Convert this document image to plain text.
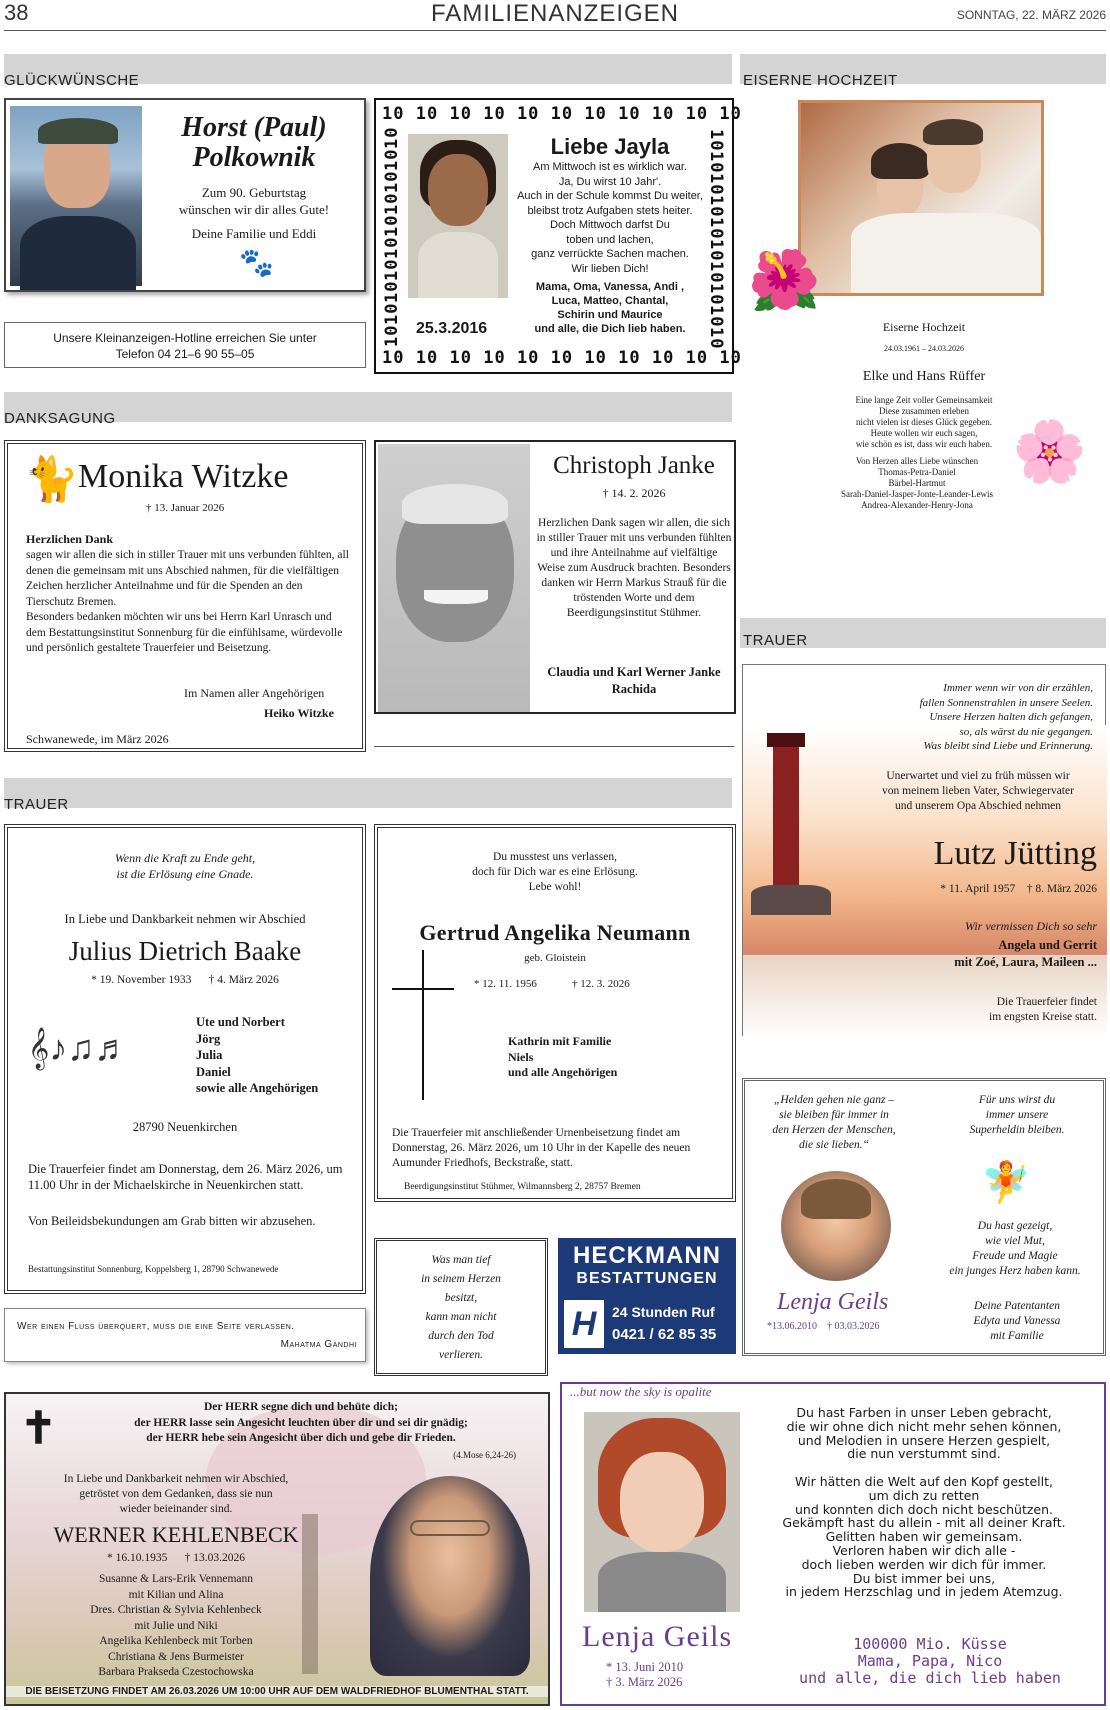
38	FAMILIENANZEIGEN	SONNTAG, 22. MÄRZ 2026
GLÜCKWÜNSCHE	EISERNE HOCHZEIT
DANKSAGUNG
TRAUER
TRAUER
Horst (Paul)
Polkownik
Zum 90. Geburtstag
wünschen wir dir alles Gute!
Deine Familie und Eddi
🐾
Unsere Kleinanzeigen-Hotline erreichen Sie unter
Telefon 04 21–6 90 55–05
10 10 10 10 10 10 10 10 10 10 10
10 10 10 10 10 10 10 10 10 10 10
10
10
10
10
10
10
10
10
10
10
10
10
10
10
10
10
10
10
10
10
Liebe Jayla
Am Mittwoch ist es wirklich war.
Ja, Du wirst 10 Jahr'.
Auch in der Schule kommst Du weiter,
bleibst trotz Aufgaben stets heiter.
Doch Mittwoch darfst Du
toben und lachen,
ganz verrückte Sachen machen.
Wir lieben Dich!
Mama, Oma, Vanessa, Andi ,
Luca, Matteo, Chantal,
Schirin und Maurice
und alle, die Dich lieb haben.
25.3.2016
🌺
🌸
Eiserne Hochzeit
24.03.1961 – 24.03.2026
Elke und Hans Rüffer
Eine lange Zeit voller Gemeinsamkeit
Diese zusammen erleben
nicht vielen ist dieses Glück gegeben.
Heute wollen wir euch sagen,
wie schön es ist, dass wir euch haben.
Von Herzen alles Liebe wünschen
Thomas-Petra-Daniel
Bärbel-Hartmut
Sarah-Daniel-Jasper-Jonte-Leander-Lewis
Andrea-Alexander-Henry-Jona
🐈 Monika Witzke
† 13. Januar 2026
Herzlichen Dank
sagen wir allen die sich in stiller Trauer mit uns verbunden fühlten, all denen die gemeinsam mit uns Abschied nahmen, für die vielfältigen Zeichen herzlicher Anteilnahme und für die Spenden an den Tierschutz Bremen.
Besonders bedanken möchten wir uns bei Herrn Karl Unrasch und dem Bestattungsinstitut Sonnenburg für die einfühlsame, würdevolle und persönlich gestaltete Trauerfeier und Beisetzung.
Im Namen aller Angehörigen
Heiko Witzke
Schwanewede, im März 2026
Christoph Janke
† 14. 2. 2026
Herzlichen Dank sagen wir allen, die sich in stiller Trauer mit uns verbunden fühlten und ihre Anteilnahme auf vielfältige Weise zum Ausdruck brachten. Besonders danken wir Herrn Markus Strauß für die tröstenden Worte und dem Beerdigungsinstitut Stühmer.
Claudia und Karl Werner Janke
Rachida	Immer wenn wir von dir erzählen,
fallen Sonnenstrahlen in unsere Seelen.
Unsere Herzen halten dich gefangen,
so, als wärst du nie gegangen.
Was bleibt sind Liebe und Erinnerung.
Unerwartet und viel zu früh müssen wir
von meinem lieben Vater, Schwiegervater
und unserem Opa Abschied nehmen
Lutz Jütting
* 11. April 1957    † 8. März 2026
Wir vermissen Dich so sehr
Angela und Gerrit
mit Zoé, Laura, Maileen ...
Die Trauerfeier findet
im engsten Kreise statt.
Wenn die Kraft zu Ende geht,
ist die Erlösung eine Gnade.
In Liebe und Dankbarkeit nehmen wir Abschied
Julius Dietrich Baake
* 19. November 1933      † 4. März 2026
𝄞♪♫♬
Ute und Norbert
Jörg
Julia
Daniel
sowie alle Angehörigen
28790 Neuenkirchen
Die Trauerfeier findet am Donnerstag, dem 26. März 2026, um 11.00 Uhr in der Michaelskirche in Neuenkirchen statt.
Von Beileidsbekundungen am Grab bitten wir abzusehen.
Bestattungsinstitut Sonnenburg, Koppelsberg 1, 28790 Schwanewede
Du musstest uns verlassen,
doch für Dich war es eine Erlösung.
Lebe wohl!
Gertrud Angelika Neumann
geb. Gloistein
* 12. 11. 1956	† 12. 3. 2026
Kathrin mit Familie
Niels
und alle Angehörigen
Die Trauerfeier mit anschließender Urnenbeisetzung findet am Donnerstag, 26. März 2026, um 10 Uhr in der Kapelle des neuen Aumunder Friedhofs, Beckstraße, statt.
Beerdigungsinstitut Stühmer, Wilmannsberg 2, 28757 Bremen
„Helden gehen nie ganz –
sie bleiben für immer in
den Herzen der Menschen,
die sie lieben.“
Für uns wirst du
immer unsere
Superheldin bleiben.
🧚
Du hast gezeigt,
wie viel Mut,
Freude und Magie
ein junges Herz haben kann.
Lenja Geils
*13.06.2010    † 03.03.2026
Deine Patentanten
Edyta und Vanessa
mit Familie
Wer einen Fluss überquert, muss die eine Seite verlassen.
Mahatma Gandhi
Was man tief
in seinem Herzen
besitzt,
kann man nicht
durch den Tod
verlieren.
HECKMANN
BESTATTUNGEN
H	24 Stunden Ruf
0421 / 62 85 35
✝	Der HERR segne dich und behüte dich;
der HERR lasse sein Angesicht leuchten über dir und sei dir gnädig;
der HERR hebe sein Angesicht über dich und gebe dir Frieden.
(4.Mose 6,24-26)
In Liebe und Dankbarkeit nehmen wir Abschied,
getröstet von dem Gedanken, dass sie nun
wieder beieinander sind.
WERNER KEHLENBECK
* 16.10.1935      † 13.03.2026
Susanne & Lars-Erik Vennemann
mit Kilian und Alina
Dres. Christian & Sylvia Kehlenbeck
mit Julie und Niki
Angelika Kehlenbeck mit Torben
Christiana & Jens Burmeister
Barbara Prakseda Czestochowska
DIE BEISETZUNG FINDET AM 26.03.2026 UM 10:00 UHR AUF DEM WALDFRIEDHOF BLUMENTHAL STATT.
...but now the sky is opalite
Du hast Farben in unser Leben gebracht,
die wir ohne dich nicht mehr sehen können,
und Melodien in unsere Herzen gespielt,
die nun verstummt sind.

Wir hätten die Welt auf den Kopf gestellt,
um dich zu retten
und konnten dich doch nicht beschützen.
Gekämpft hast du allein - mit all deiner Kraft.
Gelitten haben wir gemeinsam.
Verloren haben wir dich alle -
doch lieben werden wir dich für immer.
Du bist immer bei uns,
in jedem Herzschlag und in jedem Atemzug.
Lenja Geils
* 13. Juni 2010
† 3. März 2026
100000 Mio. Küsse
Mama, Papa, Nico
und alle, die dich lieb haben
